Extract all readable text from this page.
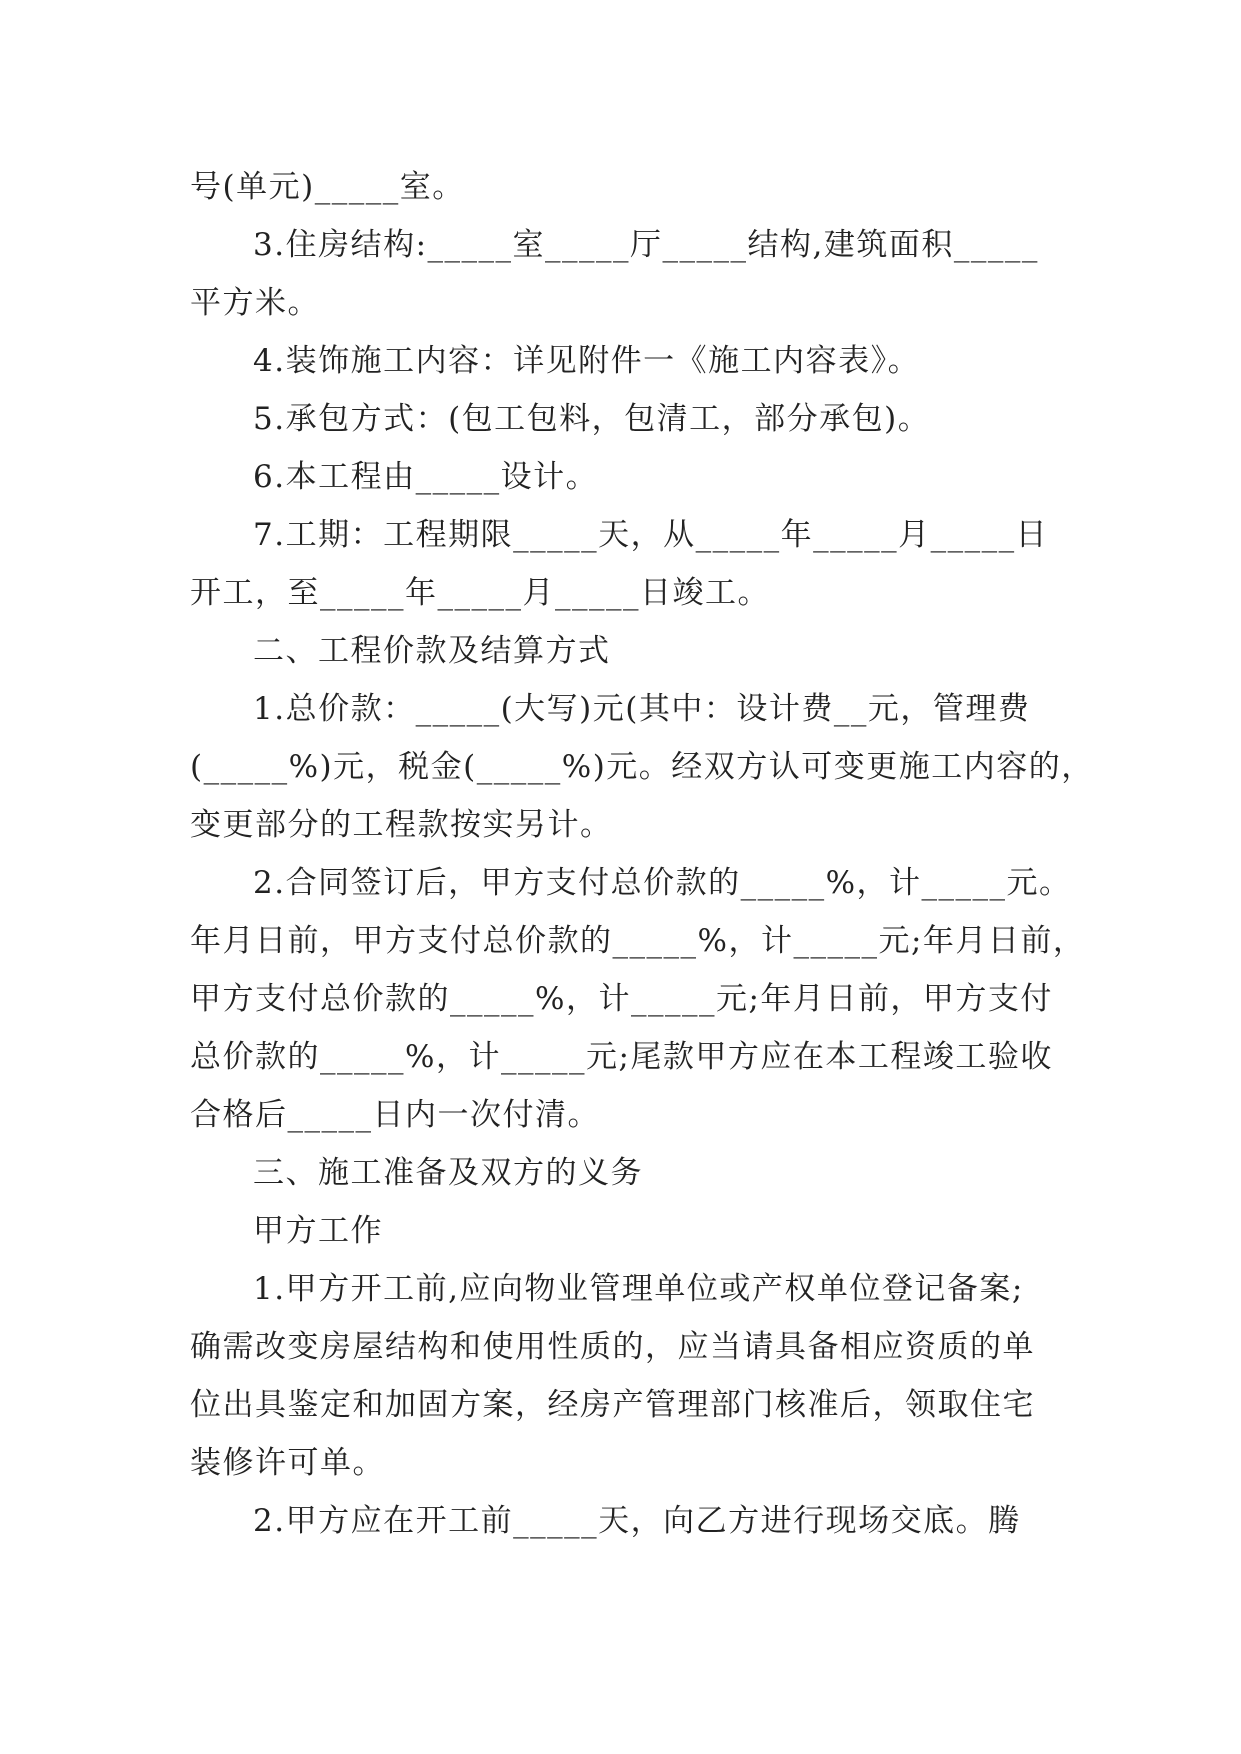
号(单元)_____室。
3.住房结构:_____室_____厅_____结构,建筑面积_____
平方米。
4.装饰施工内容：详见附件一《施工内容表》。
5.承包方式：(包工包料，包清工，部分承包)。
6.本工程由_____设计。
7.工期：工程期限_____天，从_____年_____月_____日
开工，至_____年_____月_____日竣工。
二、工程价款及结算方式
1.总价款：_____(大写)元(其中：设计费__元，管理费
(_____%)元，税金(_____%)元。经双方认可变更施工内容的，
变更部分的工程款按实另计。
2.合同签订后，甲方支付总价款的_____%，计_____元。
年月日前，甲方支付总价款的_____%，计_____元;年月日前，
甲方支付总价款的_____%，计_____元;年月日前，甲方支付
总价款的_____%，计_____元;尾款甲方应在本工程竣工验收
合格后_____日内一次付清。
三、施工准备及双方的义务
甲方工作
1.甲方开工前,应向物业管理单位或产权单位登记备案;
确需改变房屋结构和使用性质的，应当请具备相应资质的单
位出具鉴定和加固方案，经房产管理部门核准后，领取住宅
装修许可单。
2.甲方应在开工前_____天，向乙方进行现场交底。腾
